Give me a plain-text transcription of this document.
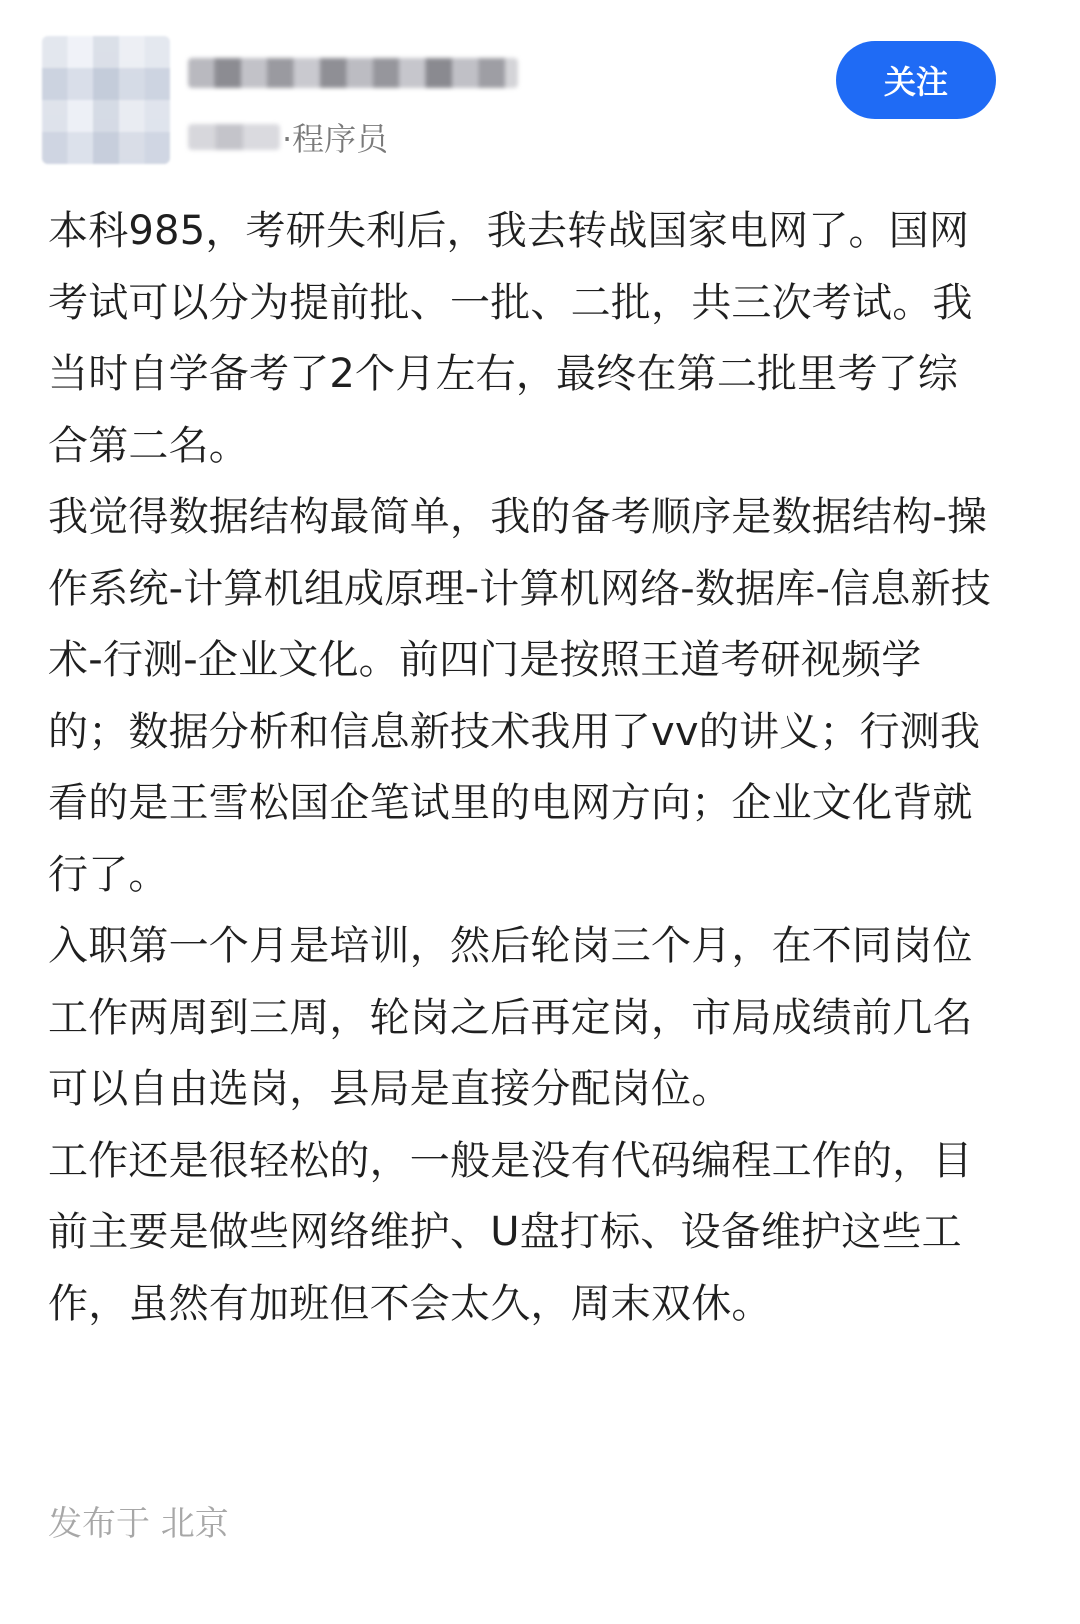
·程序员
关注

本科985，考研失利后，我去转战国家电网了。国网考试可以分为提前批、一批、二批，共三次考试。我当时自学备考了2个月左右，最终在第二批里考了综合第二名。

我觉得数据结构最简单，我的备考顺序是数据结构-操作系统-计算机组成原理-计算机网络-数据库-信息新技术-行测-企业文化。前四门是按照王道考研视频学的；数据分析和信息新技术我用了vv的讲义；行测我看的是王雪松国企笔试里的电网方向；企业文化背就行了。

入职第一个月是培训，然后轮岗三个月，在不同岗位工作两周到三周，轮岗之后再定岗，市局成绩前几名可以自由选岗，县局是直接分配岗位。

工作还是很轻松的，一般是没有代码编程工作的，目前主要是做些网络维护、U盘打标、设备维护这些工作，虽然有加班但不会太久，周末双休。

发布于 北京
